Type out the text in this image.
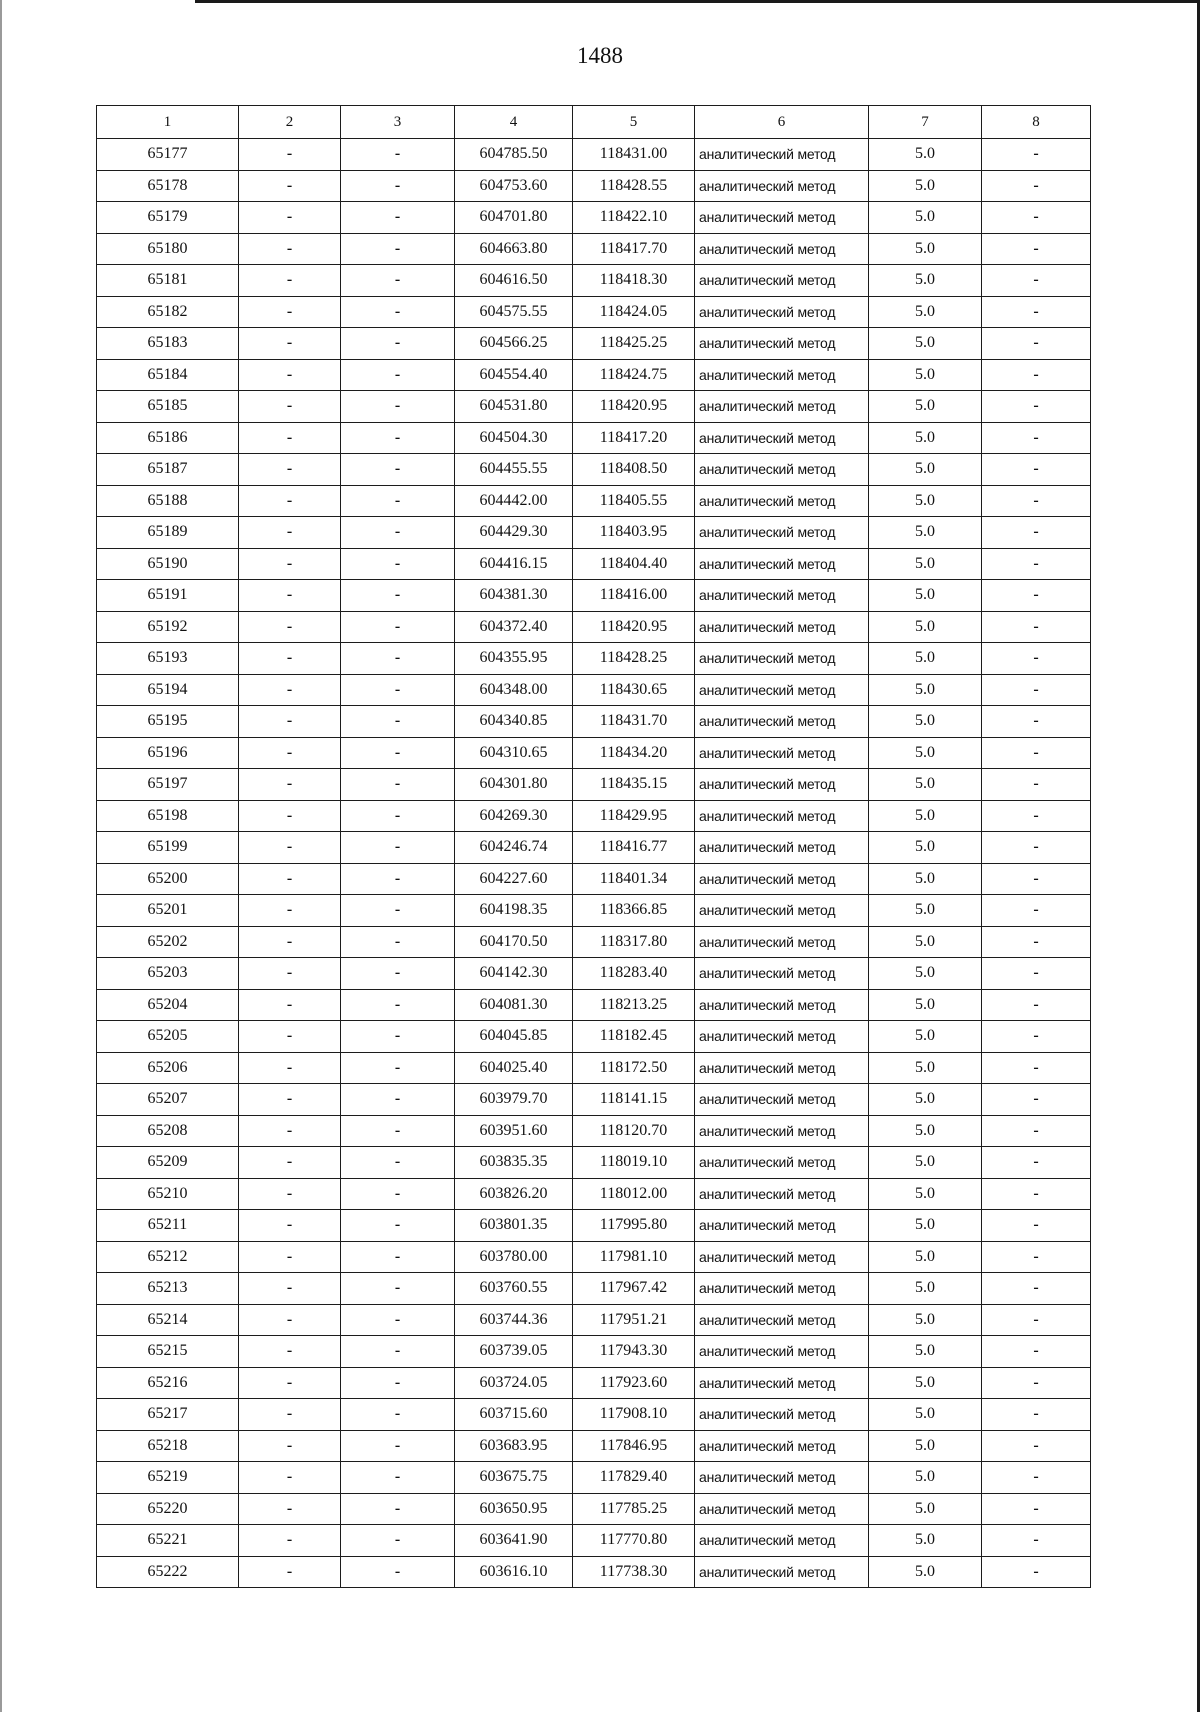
1488
1	2	3	4	5	6	7	8
65177	-	-	604785.50	118431.00	аналитический метод	5.0	-
65178	-	-	604753.60	118428.55	аналитический метод	5.0	-
65179	-	-	604701.80	118422.10	аналитический метод	5.0	-
65180	-	-	604663.80	118417.70	аналитический метод	5.0	-
65181	-	-	604616.50	118418.30	аналитический метод	5.0	-
65182	-	-	604575.55	118424.05	аналитический метод	5.0	-
65183	-	-	604566.25	118425.25	аналитический метод	5.0	-
65184	-	-	604554.40	118424.75	аналитический метод	5.0	-
65185	-	-	604531.80	118420.95	аналитический метод	5.0	-
65186	-	-	604504.30	118417.20	аналитический метод	5.0	-
65187	-	-	604455.55	118408.50	аналитический метод	5.0	-
65188	-	-	604442.00	118405.55	аналитический метод	5.0	-
65189	-	-	604429.30	118403.95	аналитический метод	5.0	-
65190	-	-	604416.15	118404.40	аналитический метод	5.0	-
65191	-	-	604381.30	118416.00	аналитический метод	5.0	-
65192	-	-	604372.40	118420.95	аналитический метод	5.0	-
65193	-	-	604355.95	118428.25	аналитический метод	5.0	-
65194	-	-	604348.00	118430.65	аналитический метод	5.0	-
65195	-	-	604340.85	118431.70	аналитический метод	5.0	-
65196	-	-	604310.65	118434.20	аналитический метод	5.0	-
65197	-	-	604301.80	118435.15	аналитический метод	5.0	-
65198	-	-	604269.30	118429.95	аналитический метод	5.0	-
65199	-	-	604246.74	118416.77	аналитический метод	5.0	-
65200	-	-	604227.60	118401.34	аналитический метод	5.0	-
65201	-	-	604198.35	118366.85	аналитический метод	5.0	-
65202	-	-	604170.50	118317.80	аналитический метод	5.0	-
65203	-	-	604142.30	118283.40	аналитический метод	5.0	-
65204	-	-	604081.30	118213.25	аналитический метод	5.0	-
65205	-	-	604045.85	118182.45	аналитический метод	5.0	-
65206	-	-	604025.40	118172.50	аналитический метод	5.0	-
65207	-	-	603979.70	118141.15	аналитический метод	5.0	-
65208	-	-	603951.60	118120.70	аналитический метод	5.0	-
65209	-	-	603835.35	118019.10	аналитический метод	5.0	-
65210	-	-	603826.20	118012.00	аналитический метод	5.0	-
65211	-	-	603801.35	117995.80	аналитический метод	5.0	-
65212	-	-	603780.00	117981.10	аналитический метод	5.0	-
65213	-	-	603760.55	117967.42	аналитический метод	5.0	-
65214	-	-	603744.36	117951.21	аналитический метод	5.0	-
65215	-	-	603739.05	117943.30	аналитический метод	5.0	-
65216	-	-	603724.05	117923.60	аналитический метод	5.0	-
65217	-	-	603715.60	117908.10	аналитический метод	5.0	-
65218	-	-	603683.95	117846.95	аналитический метод	5.0	-
65219	-	-	603675.75	117829.40	аналитический метод	5.0	-
65220	-	-	603650.95	117785.25	аналитический метод	5.0	-
65221	-	-	603641.90	117770.80	аналитический метод	5.0	-
65222	-	-	603616.10	117738.30	аналитический метод	5.0	-
